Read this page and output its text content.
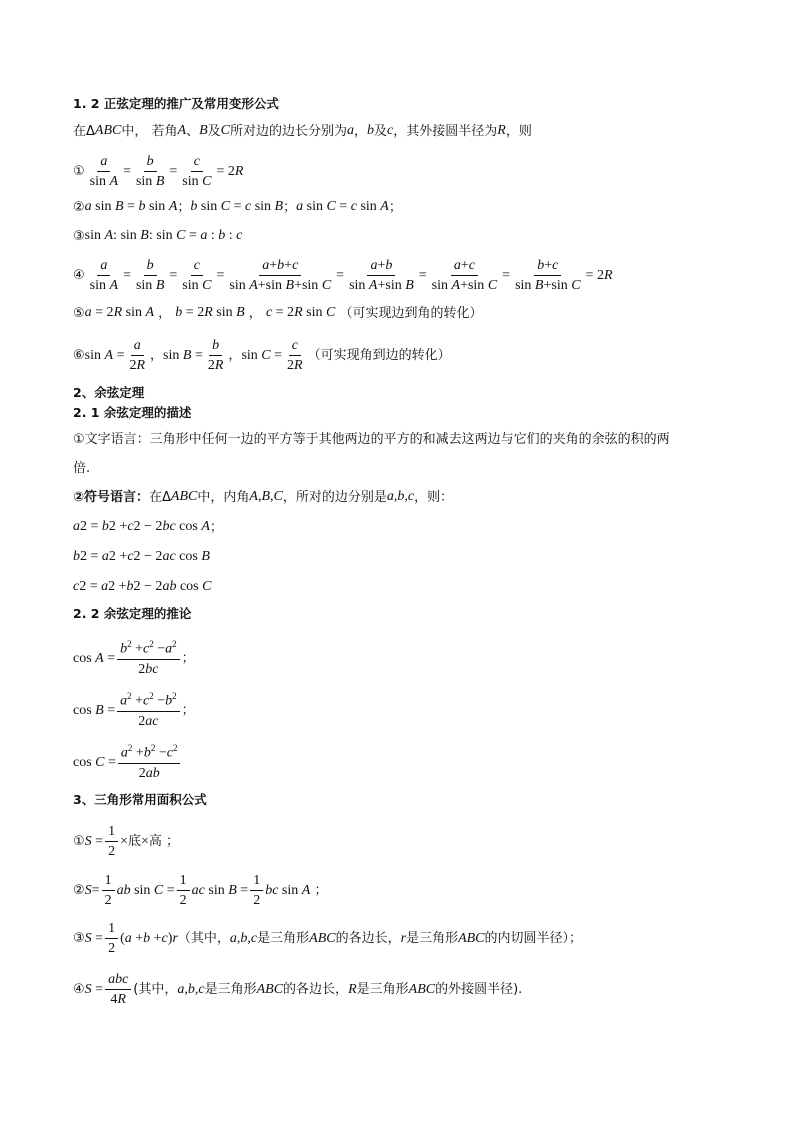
1. 2 正弦定理的推广及常用变形公式
在Δ ABC 中， 若角 A 、 B 及 C 所对边的边长分别为 a ， b 及 c ，其外接圆半径为 R ，则
① $\frac{a}{\text{sin A}} = \frac{b}{\text{sin B}} = \frac{c}{\text{sin C}} = 2$ R
② a sin B = b sin A ； b sin C = c sin B ； a sin C = c sin A ；
③ sin A : sin B : sin C = a : b : c
④ $\frac{a}{\text{sin A}} = \frac{b}{\text{sin B}} = \frac{c}{\text{sin C}} = \frac{a+b+c}{\text{sin A+sin B+sin C}} = \frac{a+b}{\text{sin A+sin B}} = \frac{a+c}{\text{sin A+sin C}} = \frac{b+c}{\text{sin B+sin C}} = 2$ R
⑤ a = 2 R sin A ， b = 2 R sin B ， c = 2 R sin C （可实现边到角的转化）
⑥ $\sin A = \frac{a}{2R}$ ， $\sin B = \frac{b}{2R}$ ， $\sin C = \frac{c}{2R}$ （可实现角到边的转化）
2、余弦定理
2. 1 余弦定理的描述
①文字语言：三角形中任何一边的平方等于其他两边的平方的和减去这两边与它们的夹角的余弦的积的两
倍.
②符号语言： 在Δ ABC 中，内角 A , B , C ，所对的边分别是 a , b , c ，则：
a 2 = b 2 + c 2 − 2 bc cos A ；
b 2 = a 2 + c 2 − 2 ac cos B
c 2 = a 2 + b 2 − 2 ab cos C
2. 2 余弦定理的推论
$\cos A = \frac{b^2 +c^2 -a^2}{2bc}$ ；
$\cos B = \frac{a^2 +c^2 -b^2}{2ac}$ ；
$\cos C = \frac{a^2 +b^2 -c^2}{2ab}$
3、三角形常用面积公式
① $S = \frac{1}{2}$ × 底 × 高 ；
② $S = \frac{1}{2}$ ab $\sin C = \frac{1}{2}$ ac $\sin B = \frac{1}{2}$ bc sin A ；
③ $S = \frac{1}{2}$ ( a + b + c ) r （其中， a , b , c 是三角形 ABC 的各边长， r 是三角形 ABC 的内切圆半径）；
④ $S = \frac{\text{abc}}{4R}$ (其中， a , b , c 是三角形 ABC 的各边长， R 是三角形 ABC 的外接圆半径).
